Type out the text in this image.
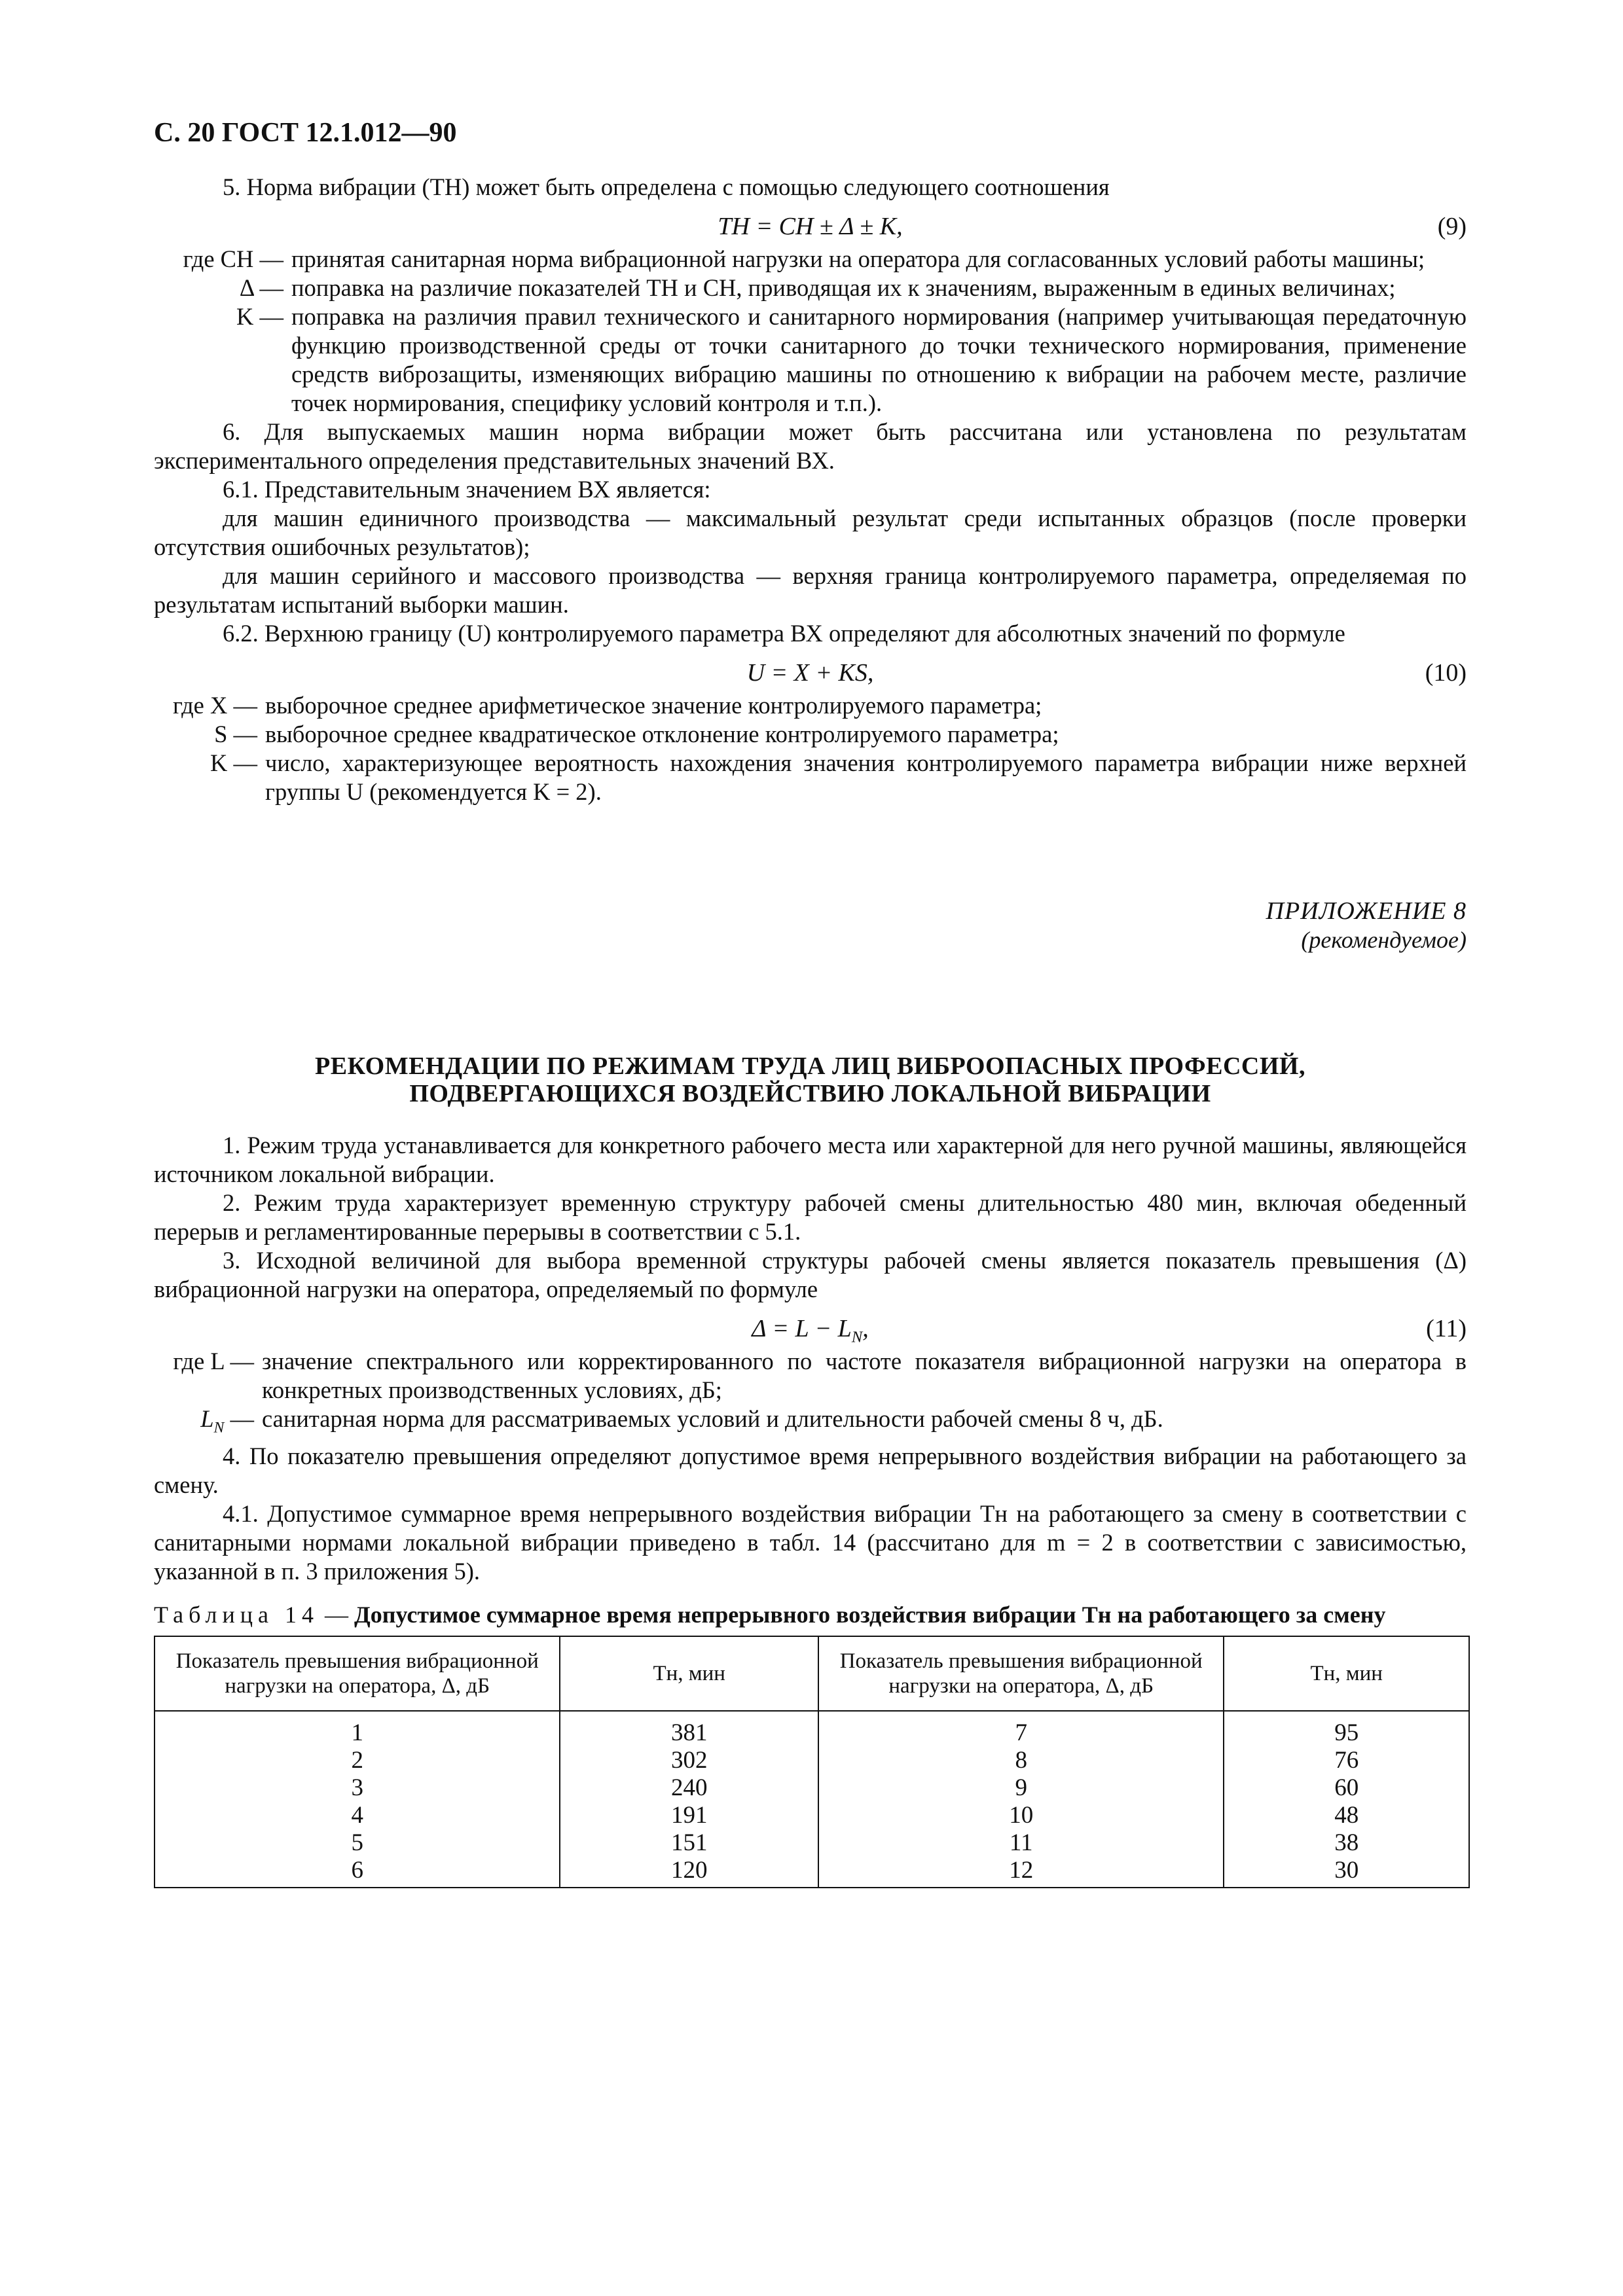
С. 20 ГОСТ 12.1.012—90

5. Норма вибрации (ТН) может быть определена с помощью следующего соотношения

ТН = СН ± Δ ± K,	(9)
где СН — принятая санитарная норма вибрационной нагрузки на оператора для согласованных условий работы машины;
Δ — поправка на различие показателей ТН и СН, приводящая их к значениям, выраженным в единых величинах;
K — поправка на различия правил технического и санитарного нормирования (например учитывающая передаточную функцию производственной среды от точки санитарного до точки технического нормирования, применение средств виброзащиты, изменяющих вибрацию машины по отношению к вибрации на рабочем месте, различие точек нормирования, специфику условий контроля и т.п.).

6. Для выпускаемых машин норма вибрации может быть рассчитана или установлена по результатам экспериментального определения представительных значений ВХ.

6.1. Представительным значением ВХ является:

для машин единичного производства — максимальный результат среди испытанных образцов (после проверки отсутствия ошибочных результатов);

для машин серийного и массового производства — верхняя граница контролируемого параметра, определяемая по результатам испытаний выборки машин.

6.2. Верхнюю границу (U) контролируемого параметра ВХ определяют для абсолютных значений по формуле

U = X + KS,	(10)
где X — выборочное среднее арифметическое значение контролируемого параметра;
S — выборочное среднее квадратическое отклонение контролируемого параметра;
K — число, характеризующее вероятность нахождения значения контролируемого параметра вибрации ниже верхней группы U (рекомендуется K = 2).

ПРИЛОЖЕНИЕ 8

(рекомендуемое)

РЕКОМЕНДАЦИИ ПО РЕЖИМАМ ТРУДА ЛИЦ ВИБРООПАСНЫХ ПРОФЕССИЙ,

ПОДВЕРГАЮЩИХСЯ ВОЗДЕЙСТВИЮ ЛОКАЛЬНОЙ ВИБРАЦИИ

1. Режим труда устанавливается для конкретного рабочего места или характерной для него ручной машины, являющейся источником локальной вибрации.

2. Режим труда характеризует временную структуру рабочей смены длительностью 480 мин, включая обеденный перерыв и регламентированные перерывы в соответствии с 5.1.

3. Исходной величиной для выбора временной структуры рабочей смены является показатель превышения (Δ) вибрационной нагрузки на оператора, определяемый по формуле

$\Delta = L - L_N$,	(11)
где L — значение спектрального или корректированного по частоте показателя вибрационной нагрузки на оператора в конкретных производственных условиях, дБ;
$L_N$ — санитарная норма для рассматриваемых условий и длительности рабочей смены 8 ч, дБ.

4. По показателю превышения определяют допустимое время непрерывного воздействия вибрации на работающего за смену.

4.1. Допустимое суммарное время непрерывного воздействия вибрации Tн на работающего за смену в соответствии с санитарными нормами локальной вибрации приведено в табл. 14 (рассчитано для m = 2 в соответствии с зависимостью, указанной в п. 3 приложения 5).

Таблица 14 — Допустимое суммарное время непрерывного воздействия вибрации Tн на работающего за смену

Показатель превышения вибрационной нагрузки на оператора, Δ, дБ	Tн, мин	Показатель превышения вибрационной нагрузки на оператора, Δ, дБ	Tн, мин
1	381	7	95
2	302	8	76
3	240	9	60
4	191	10	48
5	151	11	38
6	120	12	30
